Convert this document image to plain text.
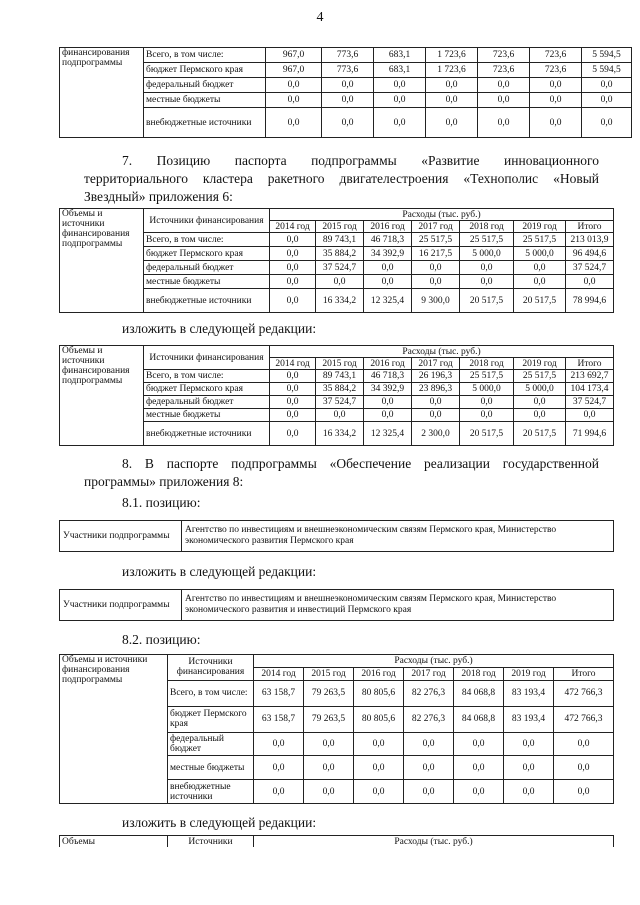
4
финансирования подпрограммы	Всего, в том числе:	967,0	773,6	683,1	1 723,6	723,6	723,6	5 594,5
	бюджет Пермского края	967,0	773,6	683,1	1 723,6	723,6	723,6	5 594,5
	федеральный бюджет	0,0	0,0	0,0	0,0	0,0	0,0	0,0
	местные бюджеты	0,0	0,0	0,0	0,0	0,0	0,0	0,0
	внебюджетные источники	0,0	0,0	0,0	0,0	0,0	0,0	0,0
7. Позицию паспорта подпрограммы «Развитие инновационного территориального кластера ракетного двигателестроения «Технополис «Новый Звездный» приложения 6:
Объемы и источники финансирования подпрограммы	Источники финансирования	Расходы (тыс. руб.)						
		2014 год	2015 год	2016 год	2017 год	2018 год	2019 год	Итого
	Всего, в том числе:	0,0	89 743,1	46 718,3	25 517,5	25 517,5	25 517,5	213 013,9
	бюджет Пермского края	0,0	35 884,2	34 392,9	16 217,5	5 000,0	5 000,0	96 494,6
	федеральный бюджет	0,0	37 524,7	0,0	0,0	0,0	0,0	37 524,7
	местные бюджеты	0,0	0,0	0,0	0,0	0,0	0,0	0,0
	внебюджетные источники	0,0	16 334,2	12 325,4	9 300,0	20 517,5	20 517,5	78 994,6
изложить в следующей редакции:
Объемы и источники финансирования подпрограммы	Источники финансирования	Расходы (тыс. руб.)						
		2014 год	2015 год	2016 год	2017 год	2018 год	2019 год	Итого
	Всего, в том числе:	0,0	89 743,1	46 718,3	26 196,3	25 517,5	25 517,5	213 692,7
	бюджет Пермского края	0,0	35 884,2	34 392,9	23 896,3	5 000,0	5 000,0	104 173,4
	федеральный бюджет	0,0	37 524,7	0,0	0,0	0,0	0,0	37 524,7
	местные бюджеты	0,0	0,0	0,0	0,0	0,0	0,0	0,0
	внебюджетные источники	0,0	16 334,2	12 325,4	2 300,0	20 517,5	20 517,5	71 994,6
8. В паспорте подпрограммы «Обеспечение реализации государственной программы» приложения 8:
8.1. позицию:
Участники подпрограммы	Агентство по инвестициям и внешнеэкономическим связям Пермского края, Министерство экономического развития Пермского края
изложить в следующей редакции:
Участники подпрограммы	Агентство по инвестициям и внешнеэкономическим связям Пермского края, Министерство экономического развития и инвестиций Пермского края
8.2. позицию:
Объемы и источники финансирования подпрограммы	Источники финансирования	Расходы (тыс. руб.)						
		2014 год	2015 год	2016 год	2017 год	2018 год	2019 год	Итого
	Всего, в том числе:	63 158,7	79 263,5	80 805,6	82 276,3	84 068,8	83 193,4	472 766,3
	бюджет Пермского края	63 158,7	79 263,5	80 805,6	82 276,3	84 068,8	83 193,4	472 766,3
	федеральный бюджет	0,0	0,0	0,0	0,0	0,0	0,0	0,0
	местные бюджеты	0,0	0,0	0,0	0,0	0,0	0,0	0,0
	внебюджетные источники	0,0	0,0	0,0	0,0	0,0	0,0	0,0
изложить в следующей редакции:
Объемы	Источники	Расходы (тыс. руб.)
